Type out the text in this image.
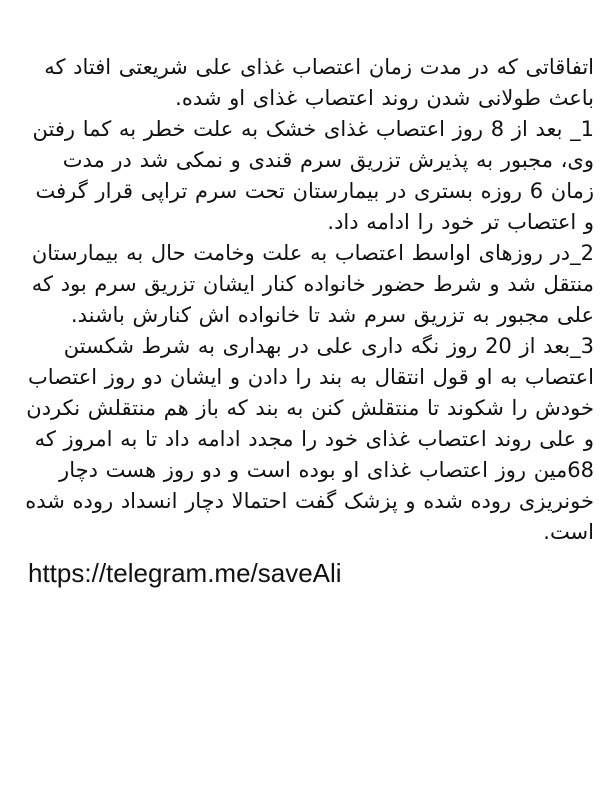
اتفاقاتی که در مدت زمان اعتصاب غذای علی شریعتی افتاد که باعث طولانی شدن روند اعتصاب غذای او شده.

1_ بعد از 8 روز اعتصاب غذای خشک به علت خطر به کما رفتن وی، مجبور به پذیرش تزریق سرم قندی و نمکی شد در مدت زمان 6 روزه بستری در بیمارستان تحت سرم تراپی قرار گرفت و اعتصاب تر خود را ادامه داد.

2_در روزهای اواسط اعتصاب به علت وخامت حال به بیمارستان منتقل شد و شرط حضور خانواده کنار ایشان تزریق سرم بود که علی مجبور به تزریق سرم شد تا خانواده اش کنارش باشند.

3_بعد از 20 روز نگه داری علی در بهداری به شرط شکستن اعتصاب به او قول انتقال به بند را دادن و ایشان دو روز اعتصاب خودش را شکوند تا منتقلش کنن به بند که باز هم منتقلش نکردن و علی روند اعتصاب غذای خود را مجدد ادامه داد تا به امروز که 68مین روز اعتصاب غذای او بوده است و دو روز هست دچار خونریزی روده شده و پزشک گفت احتمالا دچار انسداد روده شده است.

https://telegram.me/saveAli
